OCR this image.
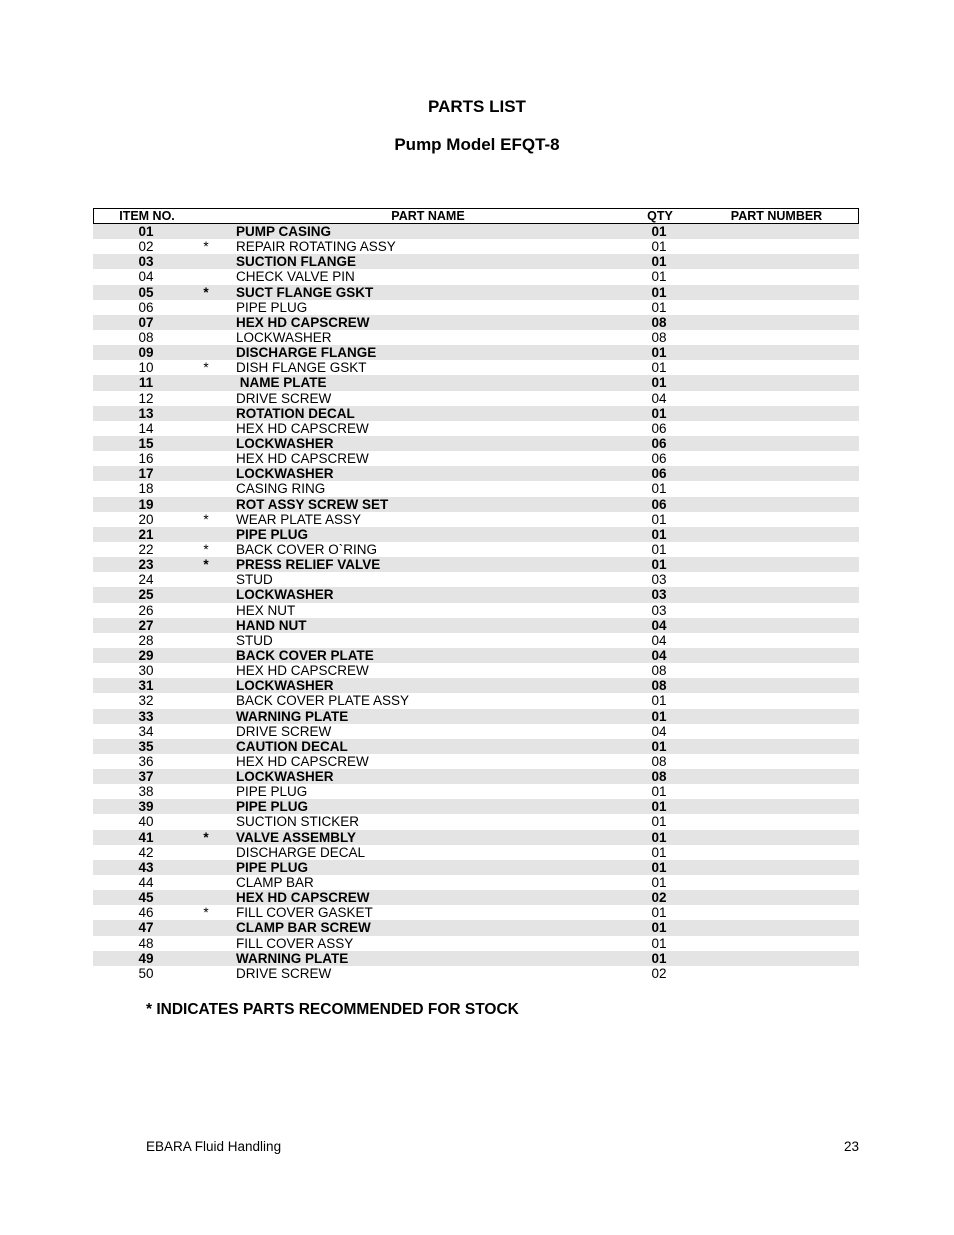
PARTS LIST
Pump Model EFQT-8
ITEM NO.	PART NAME	QTY	PART NUMBER
01	PUMP CASING	01
02	* REPAIR ROTATING ASSY	01
03	SUCTION FLANGE	01
04	CHECK VALVE PIN	01
05	* SUCT FLANGE GSKT	01
06	PIPE PLUG	01
07	HEX HD CAPSCREW	08
08	LOCKWASHER	08
09	DISCHARGE FLANGE	01
10	* DISH FLANGE GSKT	01
11	NAME PLATE	01
12	DRIVE SCREW	04
13	ROTATION DECAL	01
14	HEX HD CAPSCREW	06
15	LOCKWASHER	06
16	HEX HD CAPSCREW	06
17	LOCKWASHER	06
18	CASING RING	01
19	ROT ASSY SCREW SET	06
20	* WEAR PLATE ASSY	01
21	PIPE PLUG	01
22	* BACK COVER O`RING	01
23	* PRESS RELIEF VALVE	01
24	STUD	03
25	LOCKWASHER	03
26	HEX NUT	03
27	HAND NUT	04
28	STUD	04
29	BACK COVER PLATE	04
30	HEX HD CAPSCREW	08
31	LOCKWASHER	08
32	BACK COVER PLATE ASSY	01
33	WARNING PLATE	01
34	DRIVE SCREW	04
35	CAUTION DECAL	01
36	HEX HD CAPSCREW	08
37	LOCKWASHER	08
38	PIPE PLUG	01
39	PIPE PLUG	01
40	SUCTION STICKER	01
41	* VALVE ASSEMBLY	01
42	DISCHARGE DECAL	01
43	PIPE PLUG	01
44	CLAMP BAR	01
45	HEX HD CAPSCREW	02
46	* FILL COVER GASKET	01
47	CLAMP BAR SCREW	01
48	FILL COVER ASSY	01
49	WARNING PLATE	01
50	DRIVE SCREW	02
* INDICATES PARTS RECOMMENDED FOR STOCK
EBARA Fluid Handling	23
